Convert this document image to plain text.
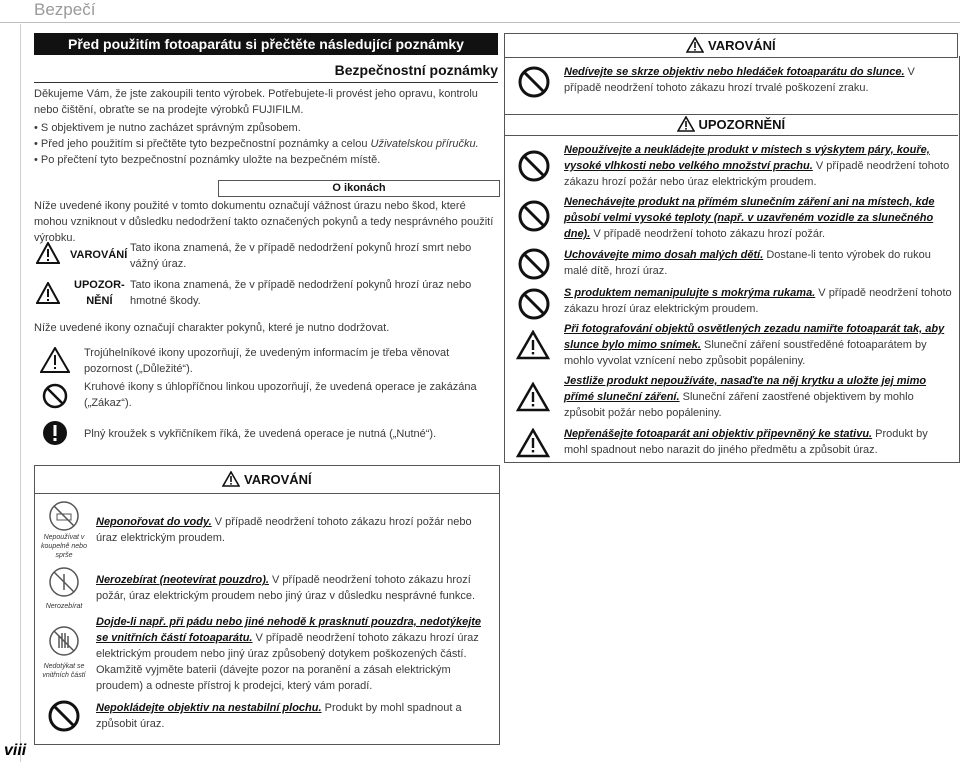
Bezpečí
viii
Před použitím fotoaparátu si přečtěte následující poznámky
Bezpečnostní poznámky
Děkujeme Vám, že jste zakoupili tento výrobek. Potřebujete-li provést jeho opravu, kontrolu nebo čištění, obraťte se na prodejte výrobků FUJIFILM.
• S objektivem je nutno zacházet správným způsobem.
• Před jeho použitím si přečtěte tyto bezpečnostní poznámky a celou Uživatelskou příručku.
• Po přečtení tyto bezpečnostní poznámky uložte na bezpečném místě.
O ikonách
Níže uvedené ikony použité v tomto dokumentu označují vážnost úrazu nebo škod, které mohou vzniknout v důsledku nedodržení takto označených pokynů a tedy nesprávného použití výrobku.
VAROVÁNÍ
Tato ikona znamená, že v případě nedodržení pokynů hrozí smrt nebo vážný úraz.
UPOZOR-
NĚNÍ
Tato ikona znamená, že v případě nedodržení pokynů hrozí úraz nebo hmotné škody.
Níže uvedené ikony označují charakter pokynů, které je nutno dodržovat.
Trojúhelníkové ikony upozorňují, že uvedeným informacím je třeba věnovat pozornost („Důležité“).
Kruhové ikony s úhlopříčnou linkou upozorňují, že uvedená operace je zakázána („Zákaz“).
Plný kroužek s vykřičníkem říká, že uvedená operace je nutná („Nutné“).
VAROVÁNÍ
Nedívejte se skrze objektiv nebo hledáček fotoaparátu do slunce. V případě neodržení tohoto zákazu hrozí trvalé poškození zraku.
UPOZORNĚNÍ
Nepoužívejte a neukládejte produkt v místech s výskytem páry, kouře, vysoké vlhkosti nebo velkého množství prachu. V případě neodržení tohoto zákazu hrozí požár nebo úraz elektrickým proudem.
Nenechávejte produkt na přímém slunečním záření ani na místech, kde působí velmi vysoké teploty (např. v uzavřeném vozidle za slunečného dne). V případě neodržení tohoto zákazu hrozí požár.
Uchovávejte mimo dosah malých dětí. Dostane-li tento výrobek do rukou malé dítě, hrozí úraz.
S produktem nemanipulujte s mokrýma rukama. V případě neodržení tohoto zákazu hrozí úraz elektrickým proudem.
Při fotografování objektů osvětlených zezadu namiřte fotoaparát tak, aby slunce bylo mimo snímek. Sluneční záření soustředěné fotoaparátem by mohlo vyvolat vznícení nebo způsobit popáleniny.
Jestliže produkt nepoužíváte, nasaďte na něj krytku a uložte jej mimo přímé sluneční záření. Sluneční záření zaostřené objektivem by mohlo způsobit požár nebo popáleniny.
Nepřenášejte fotoaparát ani objektiv připevněný ke stativu. Produkt by mohl spadnout nebo narazit do jiného předmětu a způsobit úraz.
VAROVÁNÍ
Nepoužívat v koupelně nebo sprše
Neponořovat do vody. V případě neodržení tohoto zákazu hrozí požár nebo úraz elektrickým proudem.
Nerozebírat
Nerozebírat (neotevírat pouzdro). V případě neodržení tohoto zákazu hrozí požár, úraz elektrickým proudem nebo jiný úraz v důsledku nesprávné funkce.
Nedotýkat se vnitřních částí
Dojde-li např. při pádu nebo jiné nehodě k prasknutí pouzdra, nedotýkejte se vnitřních částí fotoaparátu. V případě neodržení tohoto zákazu hrozí úraz elektrickým proudem nebo jiný úraz způsobený dotykem poškozených částí. Okamžitě vyjměte baterii (dávejte pozor na poranění a zásah elektrickým proudem) a odneste přístroj k prodejci, který vám poradí.
Nepokládejte objektiv na nestabilní plochu. Produkt by mohl spadnout a způsobit úraz.
